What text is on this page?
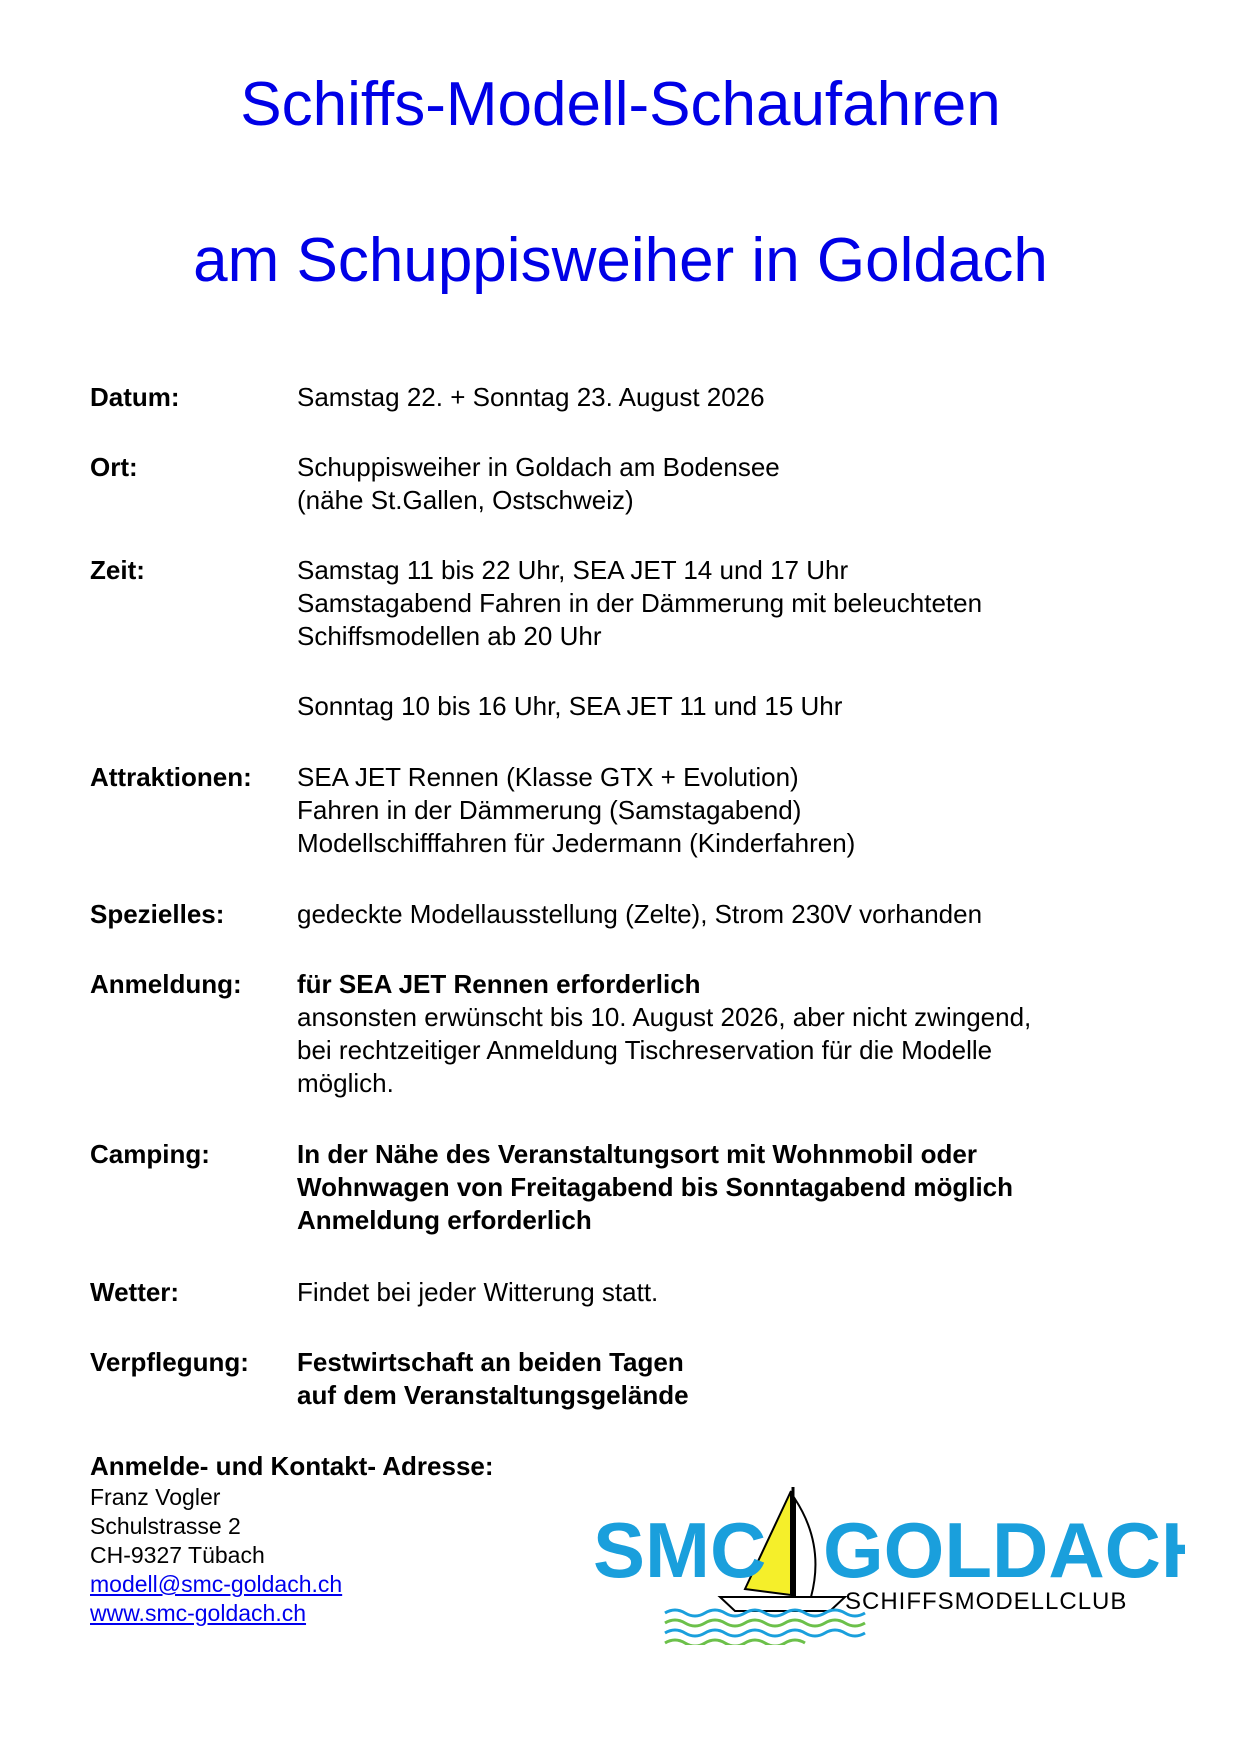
Schiffs-Modell-Schaufahren
am Schuppisweiher in Goldach
Datum:	Samstag 22. + Sonntag 23. August 2026
Ort:	Schuppisweiher in Goldach am Bodensee
(nähe St.Gallen, Ostschweiz)
Zeit:	Samstag 11 bis 22 Uhr, SEA JET 14 und 17 Uhr
Samstagabend Fahren in der Dämmerung mit beleuchteten
Schiffsmodellen ab 20 Uhr
Sonntag 10 bis 16 Uhr, SEA JET 11 und 15 Uhr
Attraktionen: SEA JET Rennen (Klasse GTX + Evolution)
Fahren in der Dämmerung (Samstagabend)
Modellschifffahren für Jedermann (Kinderfahren)
Spezielles:	gedeckte Modellausstellung (Zelte), Strom 230V vorhanden
Anmeldung: für SEA JET Rennen erforderlich
ansonsten erwünscht bis 10. August 2026, aber nicht zwingend,
bei rechtzeitiger Anmeldung Tischreservation für die Modelle
möglich.
Camping:	In der Nähe des Veranstaltungsort mit Wohnmobil oder
Wohnwagen von Freitagabend bis Sonntagabend möglich
Anmeldung erforderlich
Wetter:	Findet bei jeder Witterung statt.
Verpflegung: Festwirtschaft an beiden Tagen
auf dem Veranstaltungsgelände
Anmelde- und Kontakt- Adresse:
Franz Vogler
Schulstrasse 2
CH-9327 Tübach
modell@smc-goldach.ch
www.smc-goldach.ch
SMC GOLDACH
SCHIFFSMODELLCLUB
